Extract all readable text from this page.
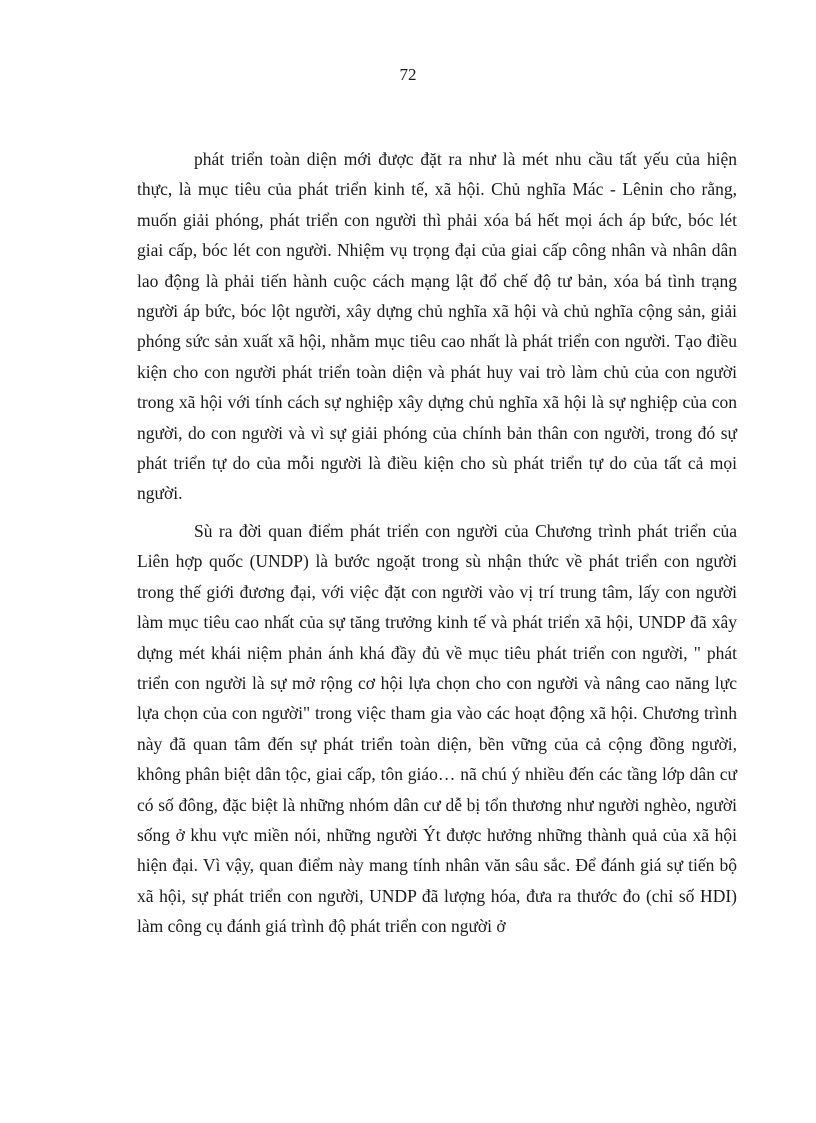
72

phát triển toàn diện mới được đặt ra như là mét nhu cầu tất yếu của hiện thực, là mục tiêu của phát triển kinh tế, xã hội. Chủ nghĩa Mác - Lênin cho rằng, muốn giải phóng, phát triển con người thì phải xóa bá hết mọi ách áp bức, bóc lét giai cấp, bóc lét con người. Nhiệm vụ trọng đại của giai cấp công nhân và nhân dân lao động là phải tiến hành cuộc cách mạng lật đổ chế độ tư bản, xóa bá tình trạng người áp bức, bóc lột người, xây dựng chủ nghĩa xã hội và chủ nghĩa cộng sản, giải phóng sức sản xuất xã hội, nhằm mục tiêu cao nhất là phát triển con người. Tạo điều kiện cho con người phát triển toàn diện và phát huy vai trò làm chủ của con người trong xã hội với tính cách sự nghiệp xây dựng chủ nghĩa xã hội là sự nghiệp của con người, do con người và vì sự giải phóng của chính bản thân con người, trong đó sự phát triển tự do của mỗi người là điều kiện cho sù phát triển tự do của tất cả mọi người.

Sù ra đời quan điểm phát triển con người của Chương trình phát triển của Liên hợp quốc (UNDP) là bước ngoặt trong sù nhận thức về phát triển con người trong thế giới đương đại, với việc đặt con người vào vị trí trung tâm, lấy con người làm mục tiêu cao nhất của sự tăng trưởng kinh tế và phát triển xã hội, UNDP đã xây dựng mét khái niệm phản ánh khá đầy đủ về mục tiêu phát triển con người, " phát triển con người là sự mở rộng cơ hội lựa chọn cho con người và nâng cao năng lực lựa chọn của con người" trong việc tham gia vào các hoạt động xã hội. Chương trình này đã quan tâm đến sự phát triển toàn diện, bền vững của cả cộng đồng người, không phân biệt dân tộc, giai cấp, tôn giáo… nã chú ý nhiều đến các tầng lớp dân cư có số đông, đặc biệt là những nhóm dân cư dễ bị tổn thương như người nghèo, người sống ở khu vực miền nói, những người Ýt được hưởng những thành quả của xã hội hiện đại. Vì vậy, quan điểm này mang tính nhân văn sâu sắc. Để đánh giá sự tiến bộ xã hội, sự phát triển con người, UNDP đã lượng hóa, đưa ra thước đo (chỉ số HDI) làm công cụ đánh giá trình độ phát triển con người ở
